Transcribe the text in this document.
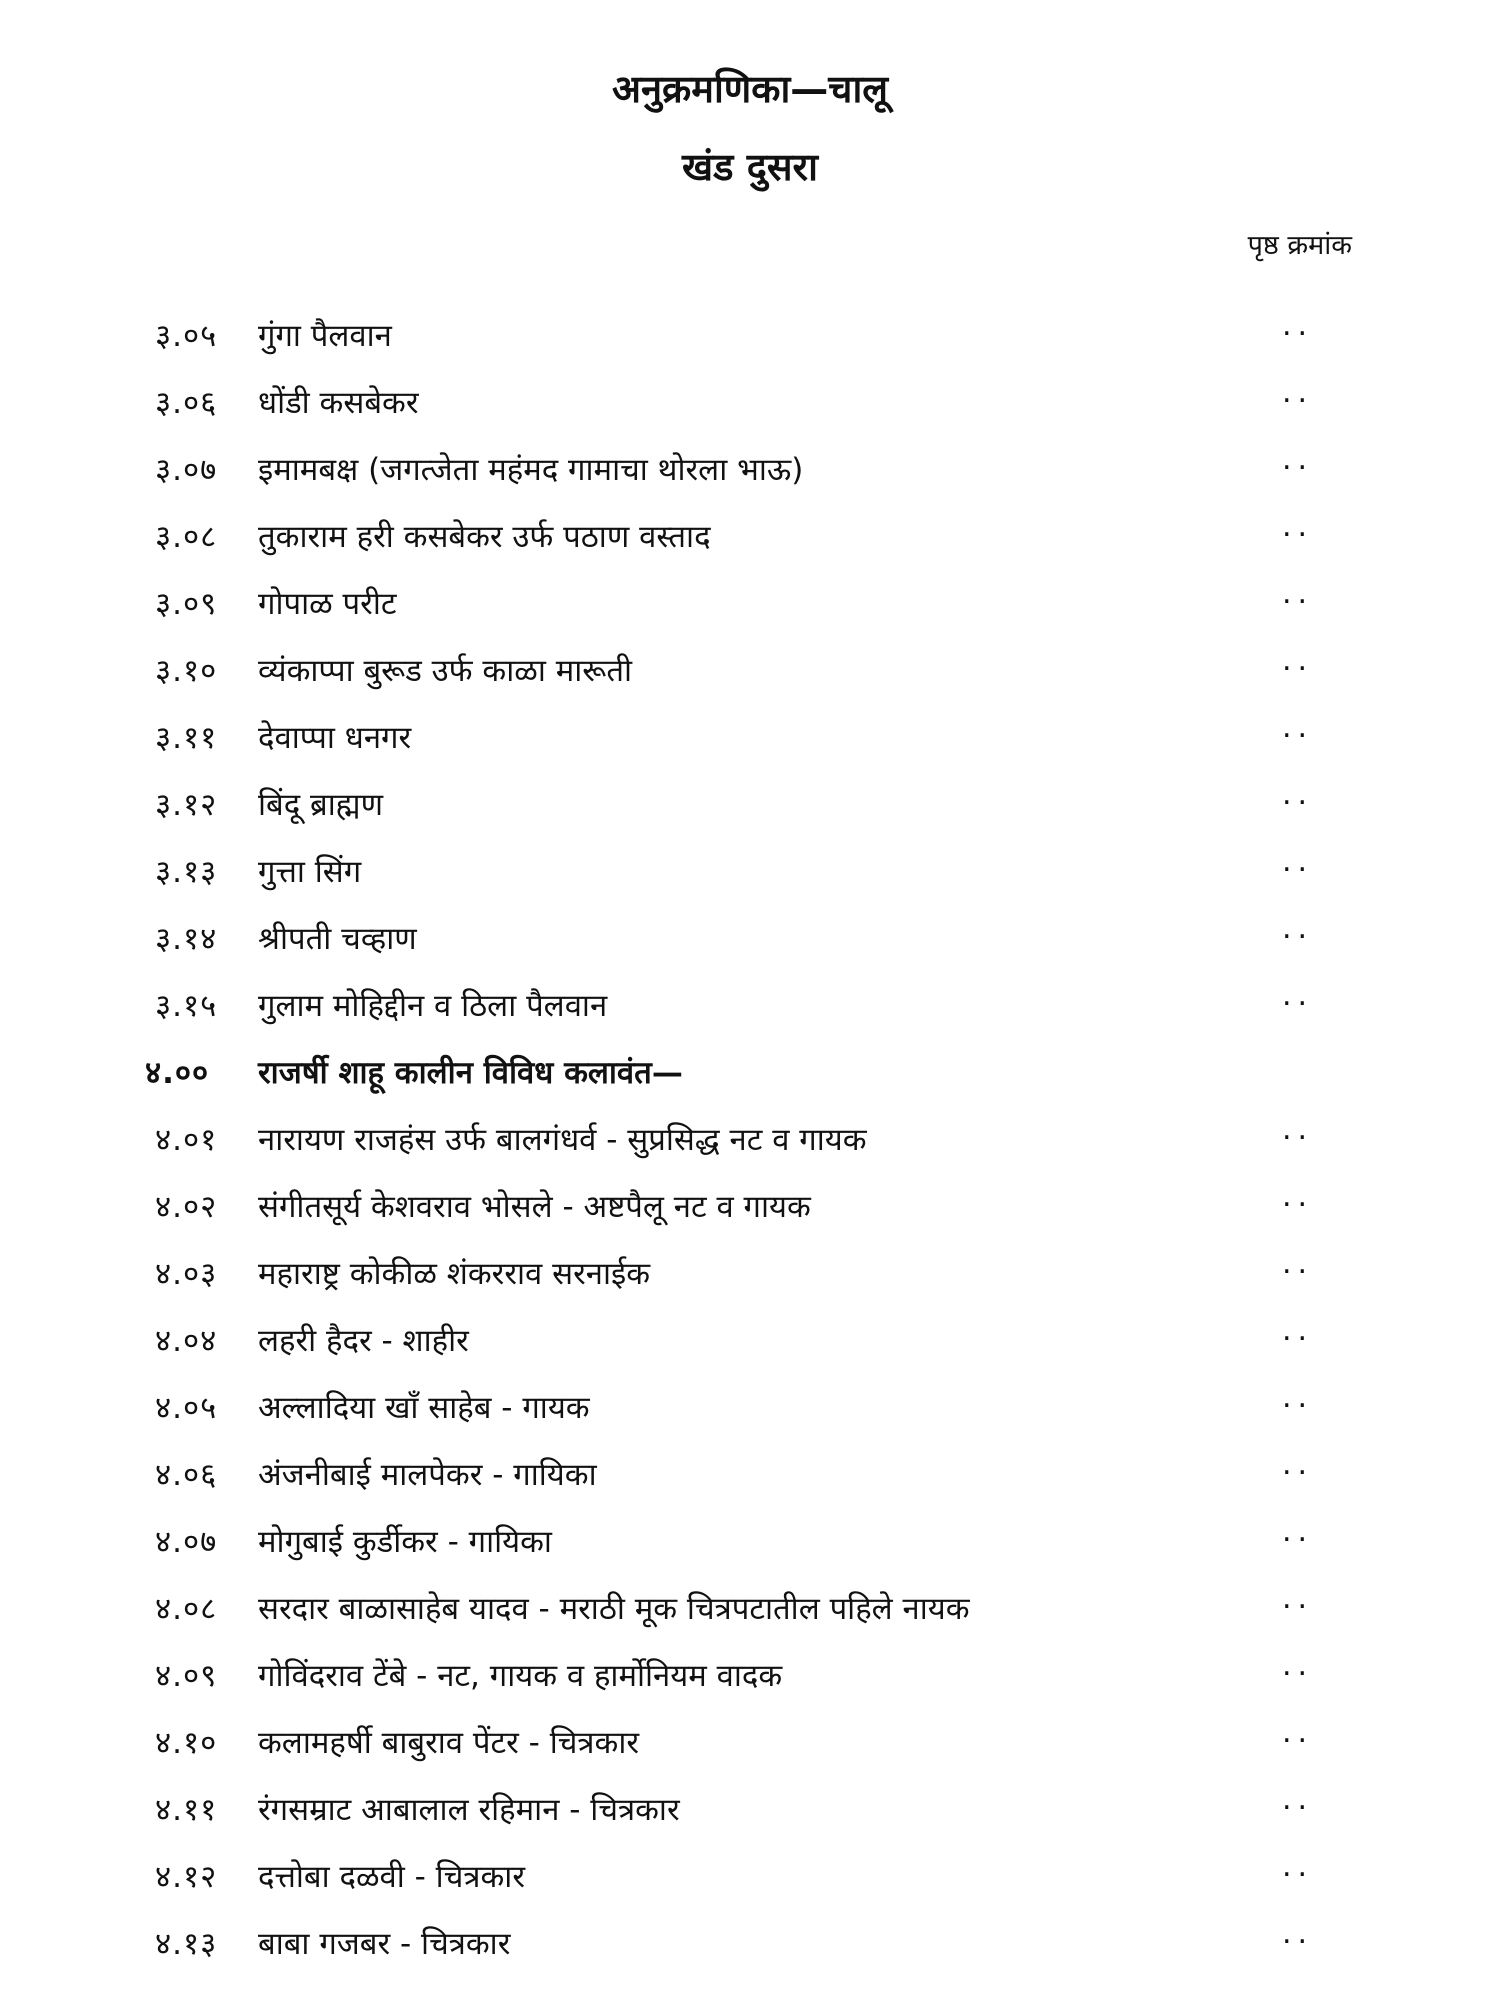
अनुक्रमणिका—चालू
खंड दुसरा
पृष्ठ क्रमांक
३.०५ गुंगा पैलवान	..
३.०६ धोंडी कसबेकर	..
३.०७ इमामबक्ष (जगत्जेता महंमद गामाचा थोरला भाऊ)	..
३.०८ तुकाराम हरी कसबेकर उर्फ पठाण वस्ताद	..
३.०९ गोपाळ परीट	..
३.१० व्यंकाप्पा बुरूड उर्फ काळा मारूती	..
३.११ देवाप्पा धनगर	..
३.१२ बिंदू ब्राह्मण	..
३.१३ गुत्ता सिंग	..
३.१४ श्रीपती चव्हाण	..
३.१५ गुलाम मोहिद्दीन व ठिला पैलवान	..
४.०० राजर्षी शाहू कालीन विविध कलावंत—
४.०१ नारायण राजहंस उर्फ बालगंधर्व - सुप्रसिद्ध नट व गायक	..
४.०२ संगीतसूर्य केशवराव भोसले - अष्टपैलू नट व गायक	..
४.०३ महाराष्ट्र कोकीळ शंकरराव सरनाईक	..
४.०४ लहरी हैदर - शाहीर	..
४.०५ अल्लादिया खाँ साहेब - गायक	..
४.०६ अंजनीबाई मालपेकर - गायिका	..
४.०७ मोगुबाई कुर्डीकर - गायिका	..
४.०८ सरदार बाळासाहेब यादव - मराठी मूक चित्रपटातील पहिले नायक	..
४.०९ गोविंदराव टेंबे - नट, गायक व हार्मोनियम वादक	..
४.१० कलामहर्षी बाबुराव पेंटर - चित्रकार	..
४.११ रंगसम्राट आबालाल रहिमान - चित्रकार	..
४.१२ दत्तोबा दळवी - चित्रकार	..
४.१३ बाबा गजबर - चित्रकार	..
